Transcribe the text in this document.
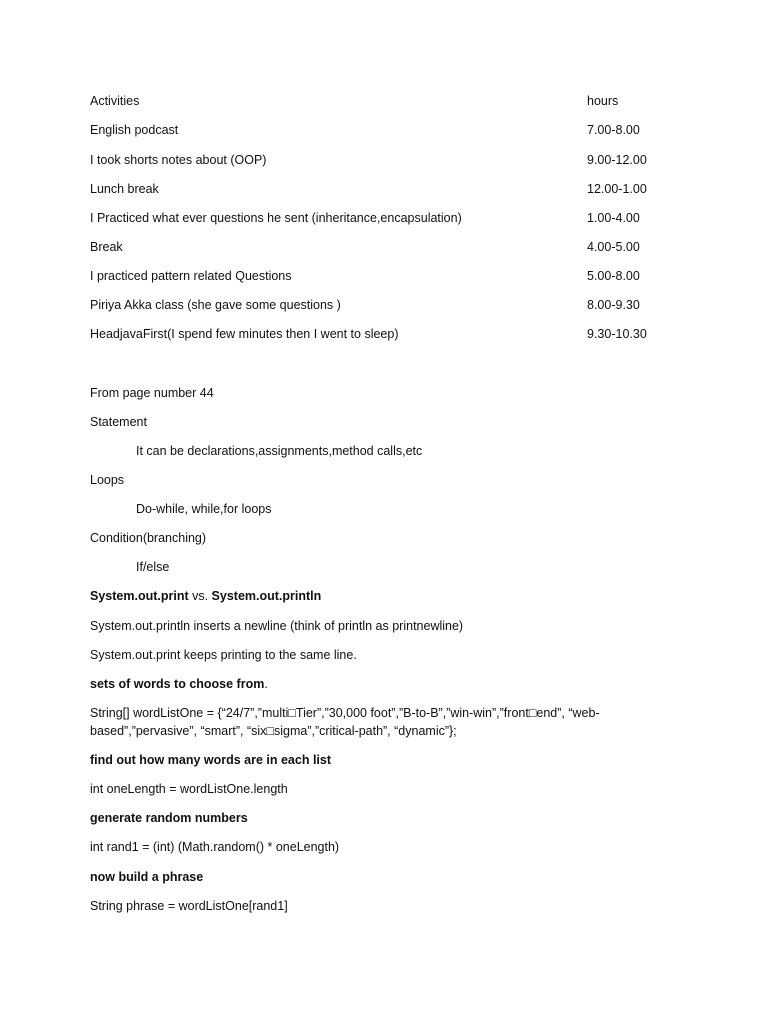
Activities	hours
English podcast	7.00-8.00
I took shorts notes about (OOP)	9.00-12.00
Lunch break	12.00-1.00
I Practiced what ever questions he sent (inheritance,encapsulation)	1.00-4.00
Break	4.00-5.00
I practiced pattern related Questions	5.00-8.00
Piriya Akka class (she gave some questions )	8.00-9.30
HeadjavaFirst(I spend few minutes then I went to sleep)	9.30-10.30
From page number 44
Statement
It can be declarations,assignments,method calls,etc
Loops
Do-while, while,for loops
Condition(branching)
If/else
System.out.print vs. System.out.println
System.out.println inserts a newline (think of println as printnewline)
System.out.print keeps printing to the same line.
sets of words to choose from.
String[] wordListOne = {“24/7”,”multi□Tier”,”30,000 foot”,”B-to-B”,”win-win”,”front□end”, “web-based”,”pervasive”, “smart”, “six□sigma”,”critical-path”, “dynamic”};
find out how many words are in each list
int oneLength = wordListOne.length
generate random numbers
int rand1 = (int) (Math.random() * oneLength)
now build a phrase
String phrase = wordListOne[rand1]
